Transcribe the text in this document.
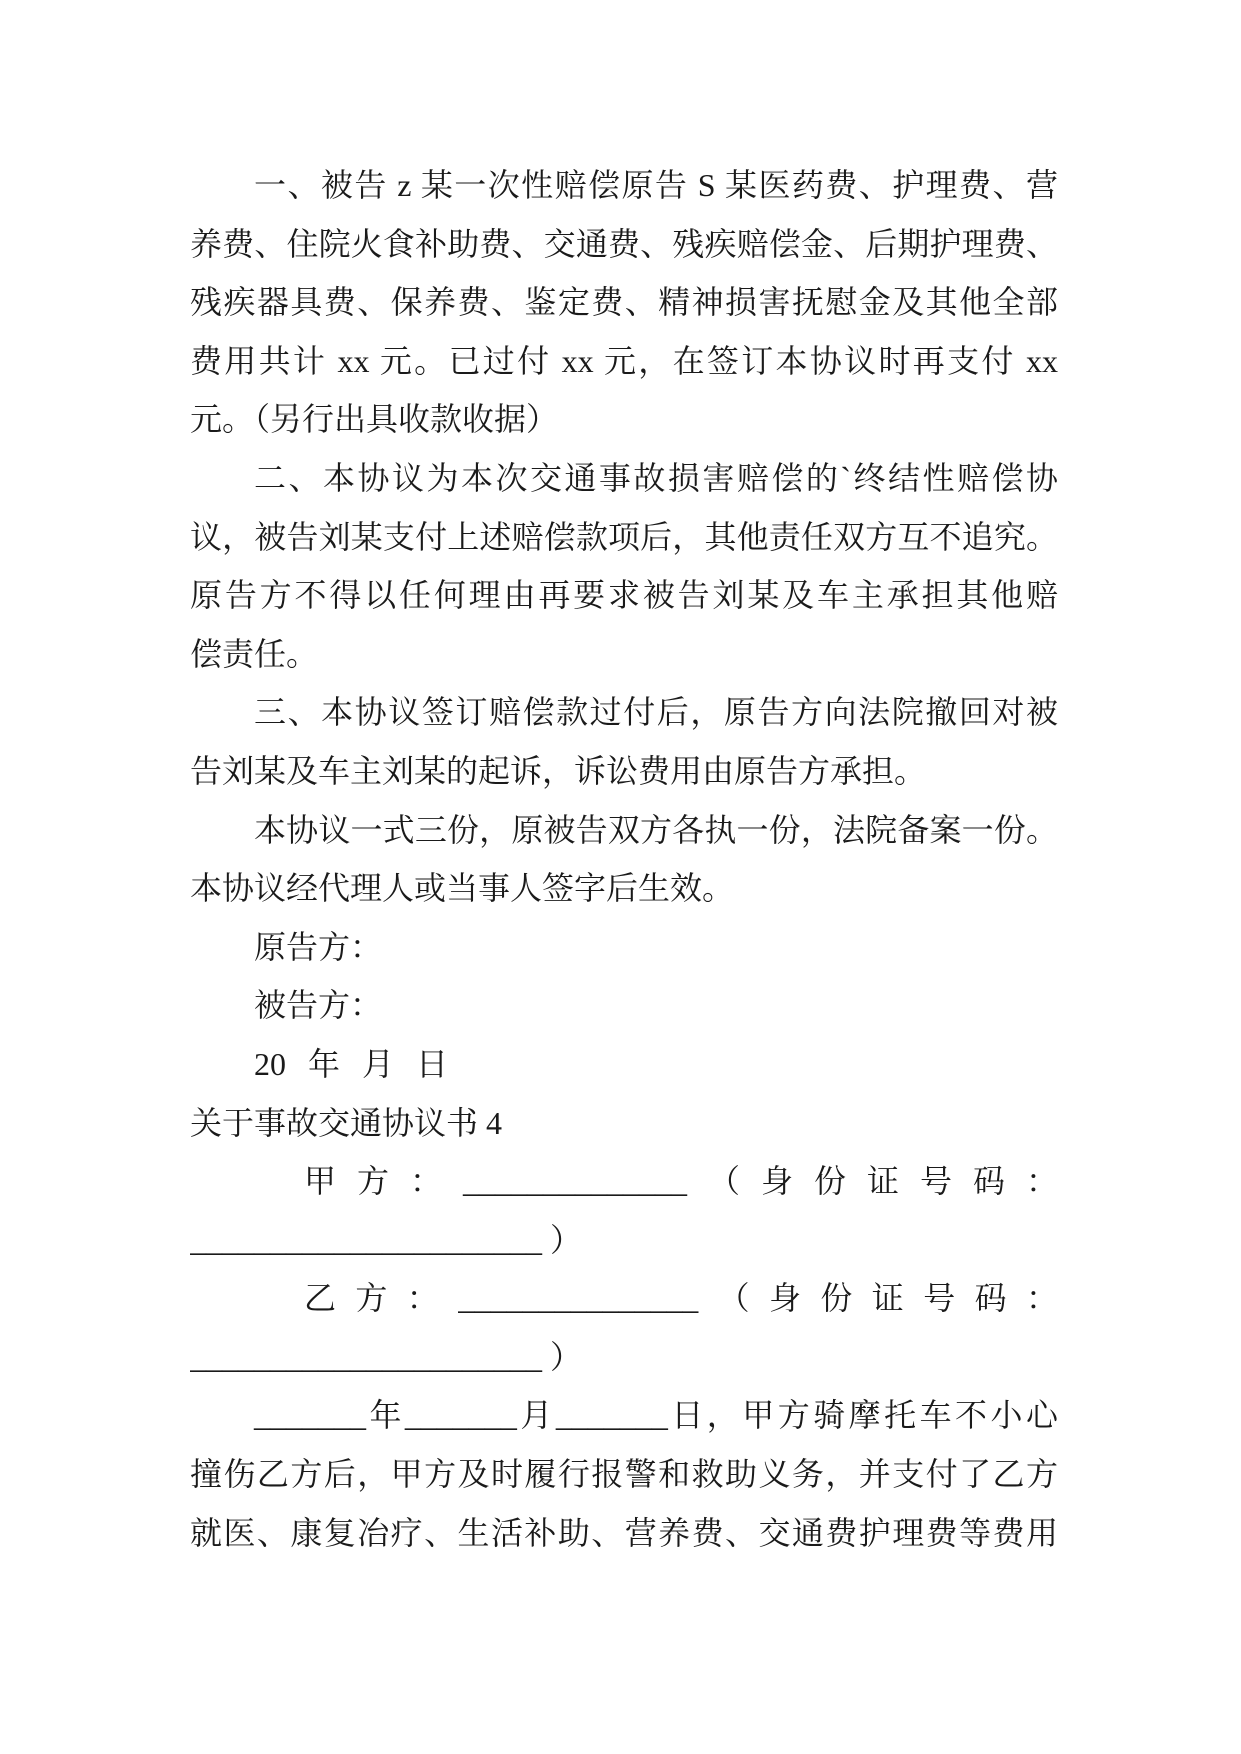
一、被告 z 某一次性赔偿原告 S 某医药费、护理费、营
养费、住院火食补助费、交通费、残疾赔偿金、后期护理费、
残疾器具费、保养费、鉴定费、精神损害抚慰金及其他全部
费用共计 xx 元。已过付 xx 元，在签订本协议时再支付 xx
元。（另行出具收款收据）
二、本协议为本次交通事故损害赔偿的`终结性赔偿协
议，被告刘某支付上述赔偿款项后，其他责任双方互不追究。
原告方不得以任何理由再要求被告刘某及车主承担其他赔
偿责任。
三、本协议签订赔偿款过付后，原告方向法院撤回对被
告刘某及车主刘某的起诉，诉讼费用由原告方承担。
本协议一式三份，原被告双方各执一份，法院备案一份。
本协议经代理人或当事人签字后生效。
原告方：
被告方：
20 年 月 日
关于事故交通协议书 4
甲方：______________（身份证号码：
______________________ ）
乙方：_______________（身份证号码：
______________________ ）
_______年_______月_______日，甲方骑摩托车不小心
撞伤乙方后，甲方及时履行报警和救助义务，并支付了乙方
就医、康复冶疗、生活补助、营养费、交通费护理费等费用
